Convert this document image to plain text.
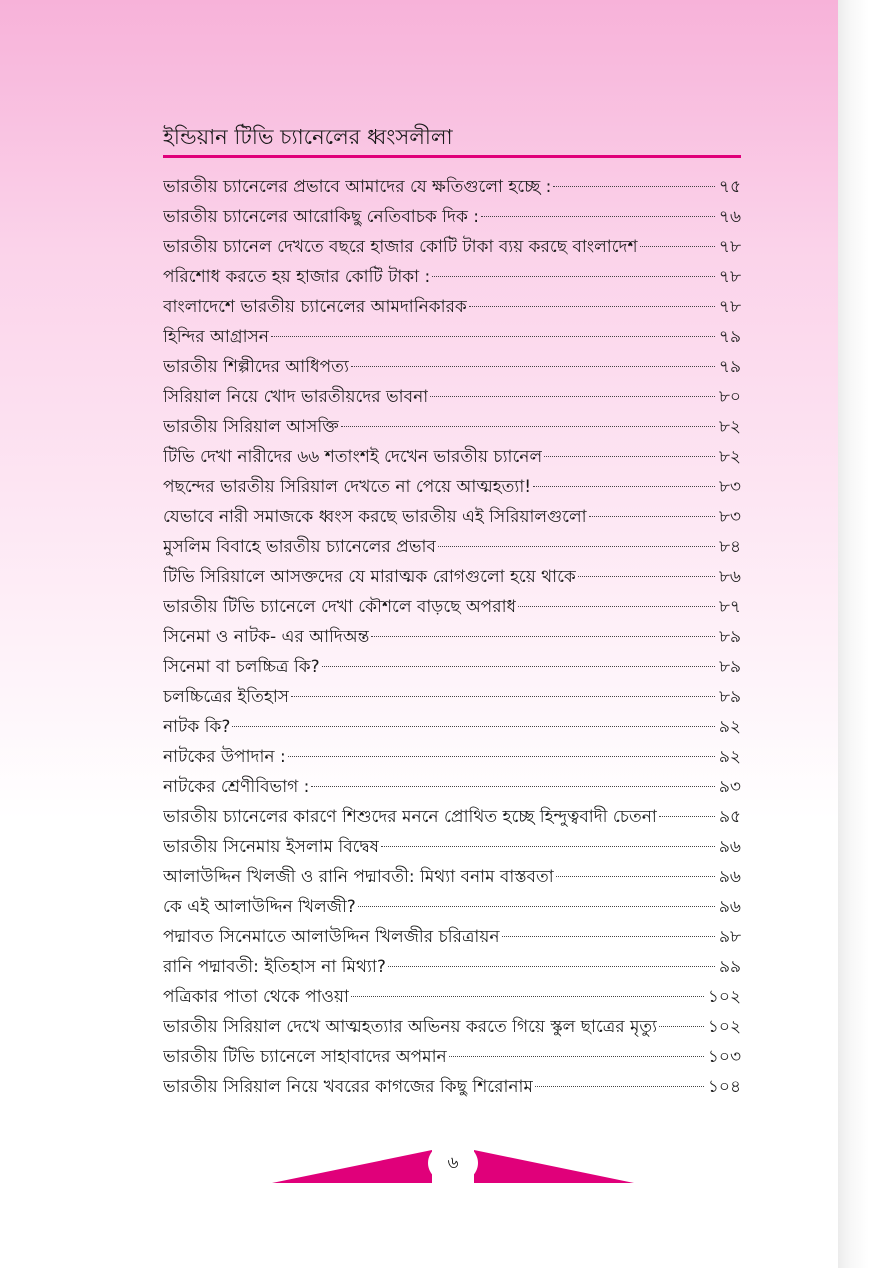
ইন্ডিয়ান টিভি চ্যানেলের ধ্বংসলীলা
ভারতীয় চ্যানেলের প্রভাবে আমাদের যে ক্ষতিগুলো হচ্ছে :	৭৫
ভারতীয় চ্যানেলের আরোকিছু নেতিবাচক দিক :	৭৬
ভারতীয় চ্যানেল দেখতে বছরে হাজার কোটি টাকা ব্যয় করছে বাংলাদেশ	৭৮
পরিশোধ করতে হয় হাজার কোটি টাকা :	৭৮
বাংলাদেশে ভারতীয় চ্যানেলের আমদানিকারক	৭৮
হিন্দির আগ্রাসন	৭৯
ভারতীয় শিল্পীদের আধিপত্য	৭৯
সিরিয়াল নিয়ে খোদ ভারতীয়দের ভাবনা	৮০
ভারতীয় সিরিয়াল আসক্তি	৮২
টিভি দেখা নারীদের ৬৬ শতাংশই দেখেন ভারতীয় চ্যানেল	৮২
পছন্দের ভারতীয় সিরিয়াল দেখতে না পেয়ে আত্মহত্যা!	৮৩
যেভাবে নারী সমাজকে ধ্বংস করছে ভারতীয় এই সিরিয়ালগুলো	৮৩
মুসলিম বিবাহে ভারতীয় চ্যানেলের প্রভাব	৮৪
টিভি সিরিয়ালে আসক্তদের যে মারাত্মক রোগগুলো হয়ে থাকে	৮৬
ভারতীয় টিভি চ্যানেলে দেখা কৌশলে বাড়ছে অপরাধ	৮৭
সিনেমা ও নাটক- এর আদিঅন্ত	৮৯
সিনেমা বা চলচ্চিত্র কি?	৮৯
চলচ্চিত্রের ইতিহাস	৮৯
নাটক কি?	৯২
নাটকের উপাদান :	৯২
নাটকের শ্রেণীবিভাগ :	৯৩
ভারতীয় চ্যানেলের কারণে শিশুদের মননে প্রোথিত হচ্ছে হিন্দুত্ববাদী চেতনা	৯৫
ভারতীয় সিনেমায় ইসলাম বিদ্বেষ	৯৬
আলাউদ্দিন খিলজী ও রানি পদ্মাবতী: মিথ্যা বনাম বাস্তবতা	৯৬
কে এই আলাউদ্দিন খিলজী?	৯৬
পদ্মাবত সিনেমাতে আলাউদ্দিন খিলজীর চরিত্রায়ন	৯৮
রানি পদ্মাবতী: ইতিহাস না মিথ্যা?	৯৯
পত্রিকার পাতা থেকে পাওয়া	১০২
ভারতীয় সিরিয়াল দেখে আত্মহত্যার অভিনয় করতে গিয়ে স্কুল ছাত্রের মৃত্যু	১০২
ভারতীয় টিভি চ্যানেলে সাহাবাদের অপমান	১০৩
ভারতীয় সিরিয়াল নিয়ে খবরের কাগজের কিছু শিরোনাম	১০৪
৬
